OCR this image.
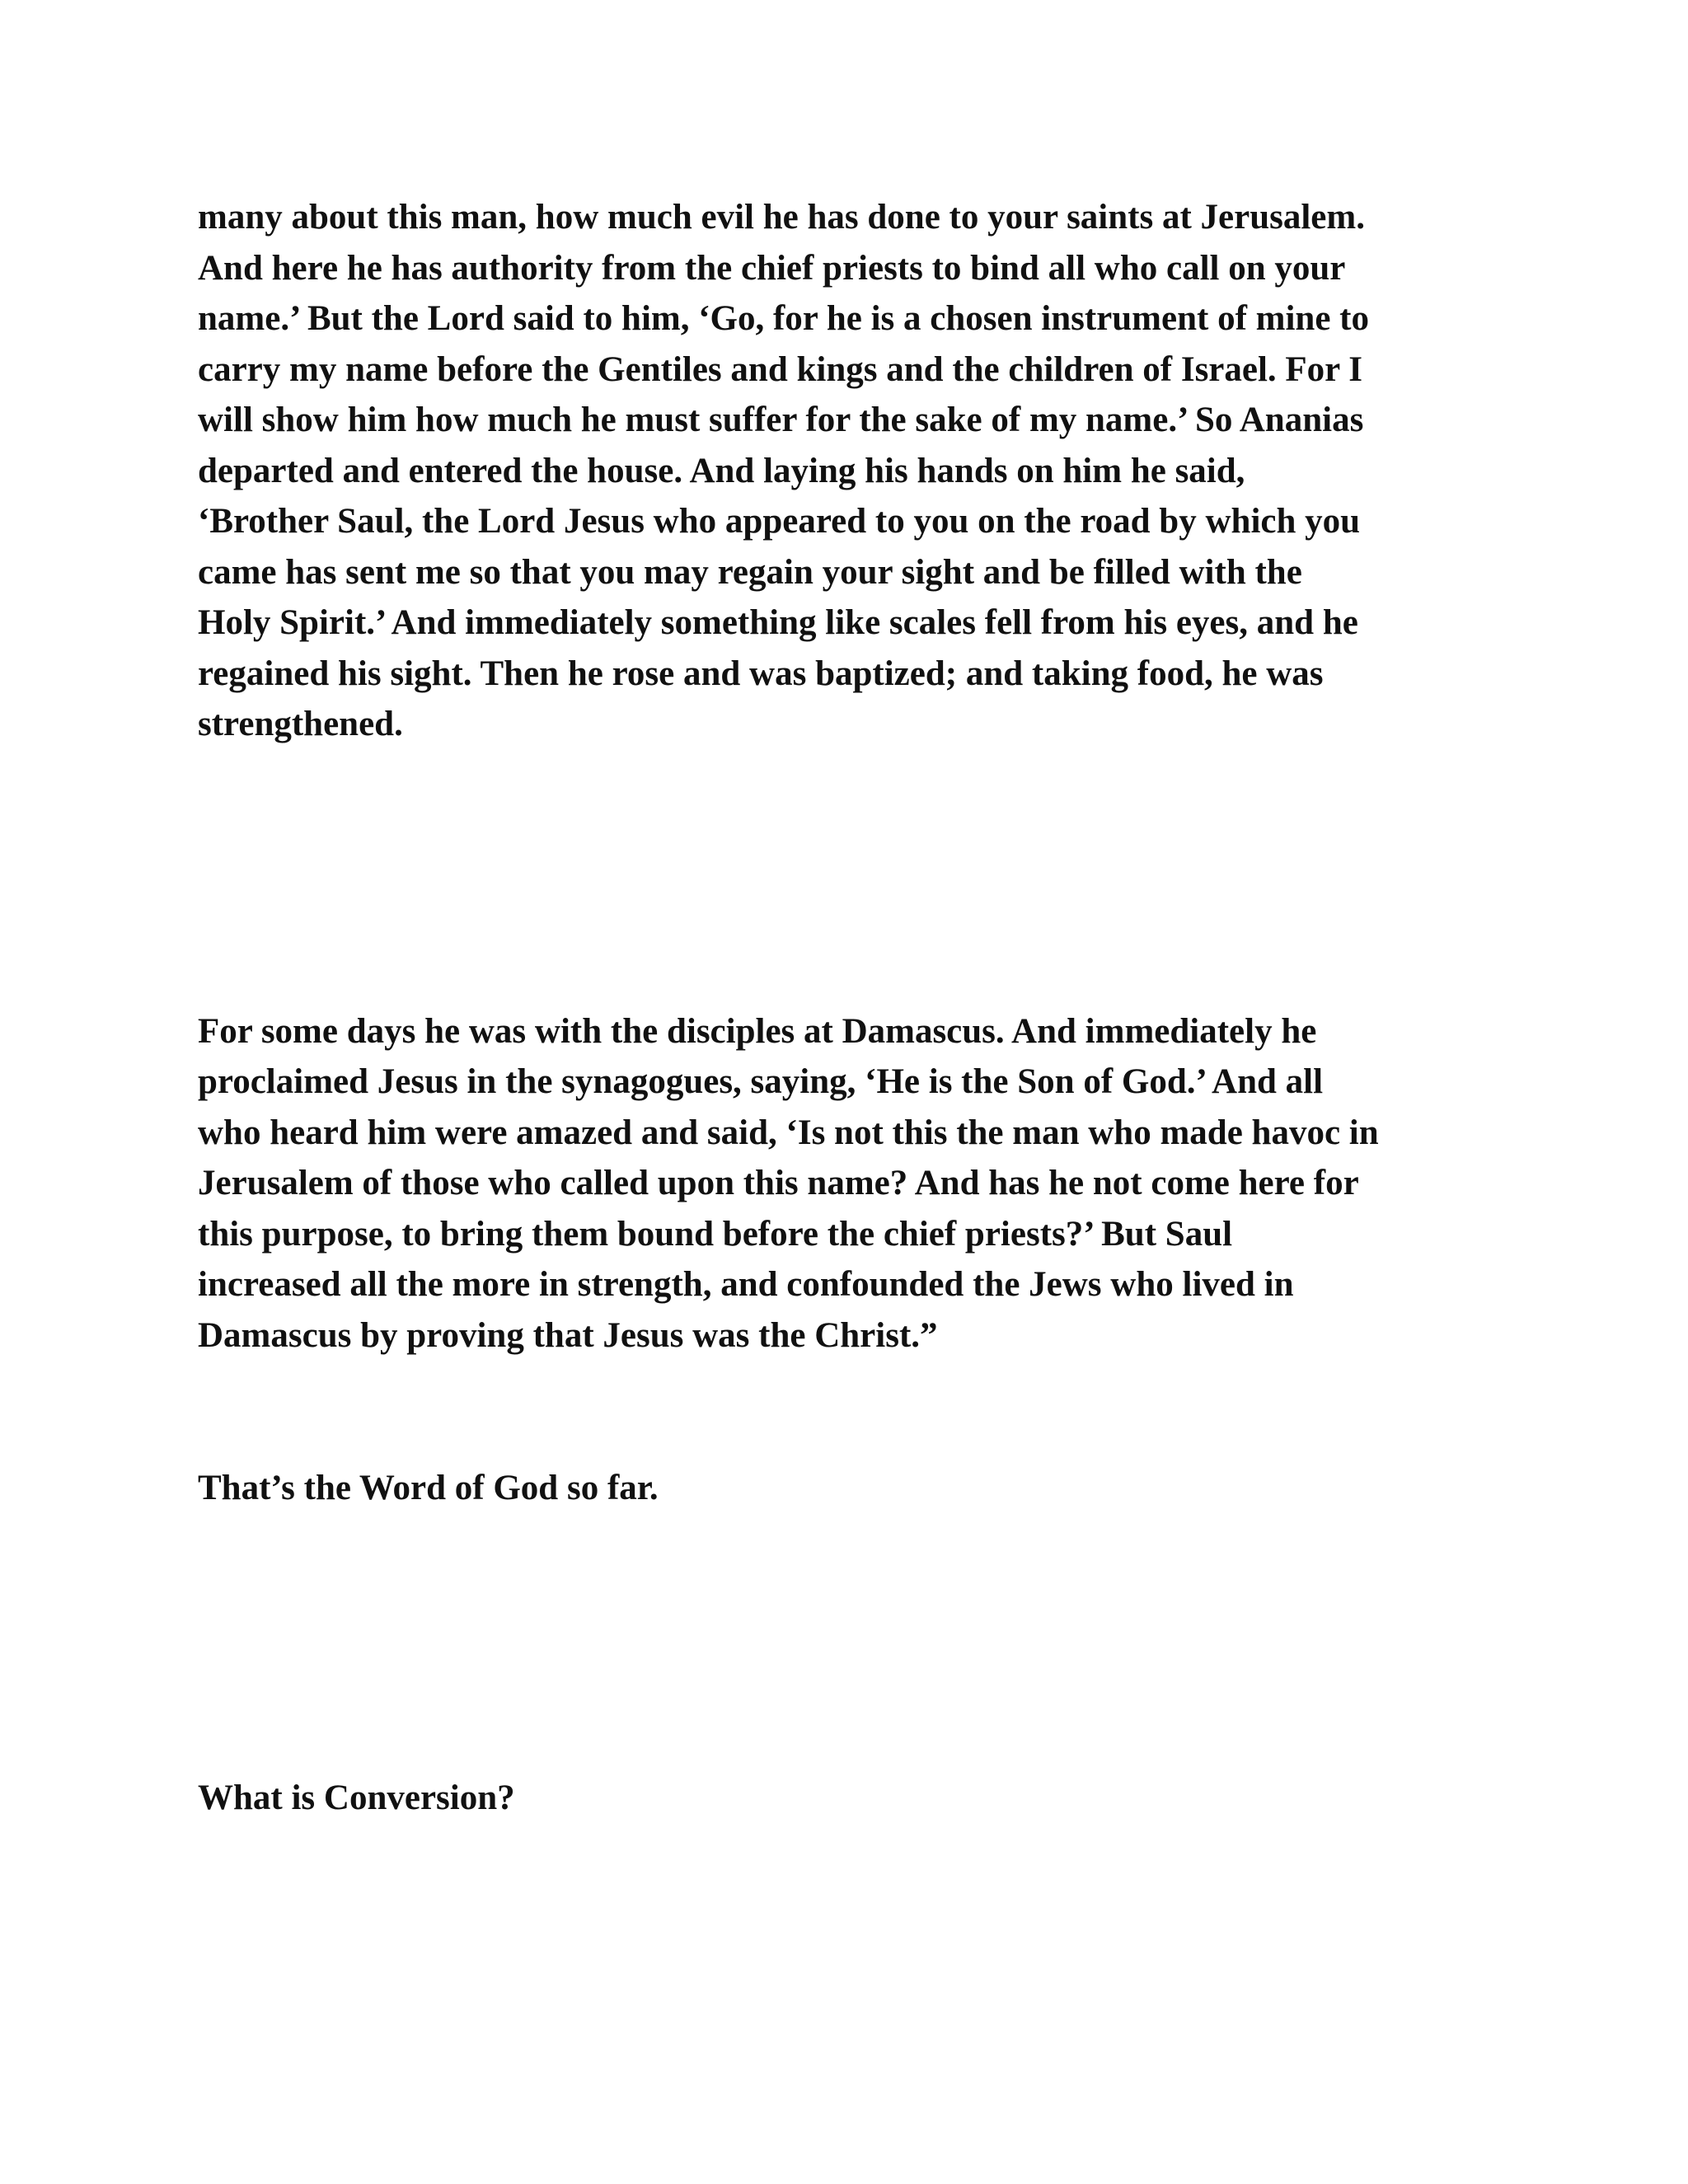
many about this man, how much evil he has done to your saints at Jerusalem.

And here he has authority from the chief priests to bind all who call on your

name.’ But the Lord said to him, ‘Go, for he is a chosen instrument of mine to

carry my name before the Gentiles and kings and the children of Israel. For I

will show him how much he must suffer for the sake of my name.’ So Ananias

departed and entered the house. And laying his hands on him he said,

‘Brother Saul, the Lord Jesus who appeared to you on the road by which you

came has sent me so that you may regain your sight and be filled with the

Holy Spirit.’ And immediately something like scales fell from his eyes, and he

regained his sight. Then he rose and was baptized; and taking food, he was

strengthened.

For some days he was with the disciples at Damascus. And immediately he

proclaimed Jesus in the synagogues, saying, ‘He is the Son of God.’ And all

who heard him were amazed and said, ‘Is not this the man who made havoc in

Jerusalem of those who called upon this name? And has he not come here for

this purpose, to bring them bound before the chief priests?’ But Saul

increased all the more in strength, and confounded the Jews who lived in

Damascus by proving that Jesus was the Christ.”

That’s the Word of God so far.

What is Conversion?
